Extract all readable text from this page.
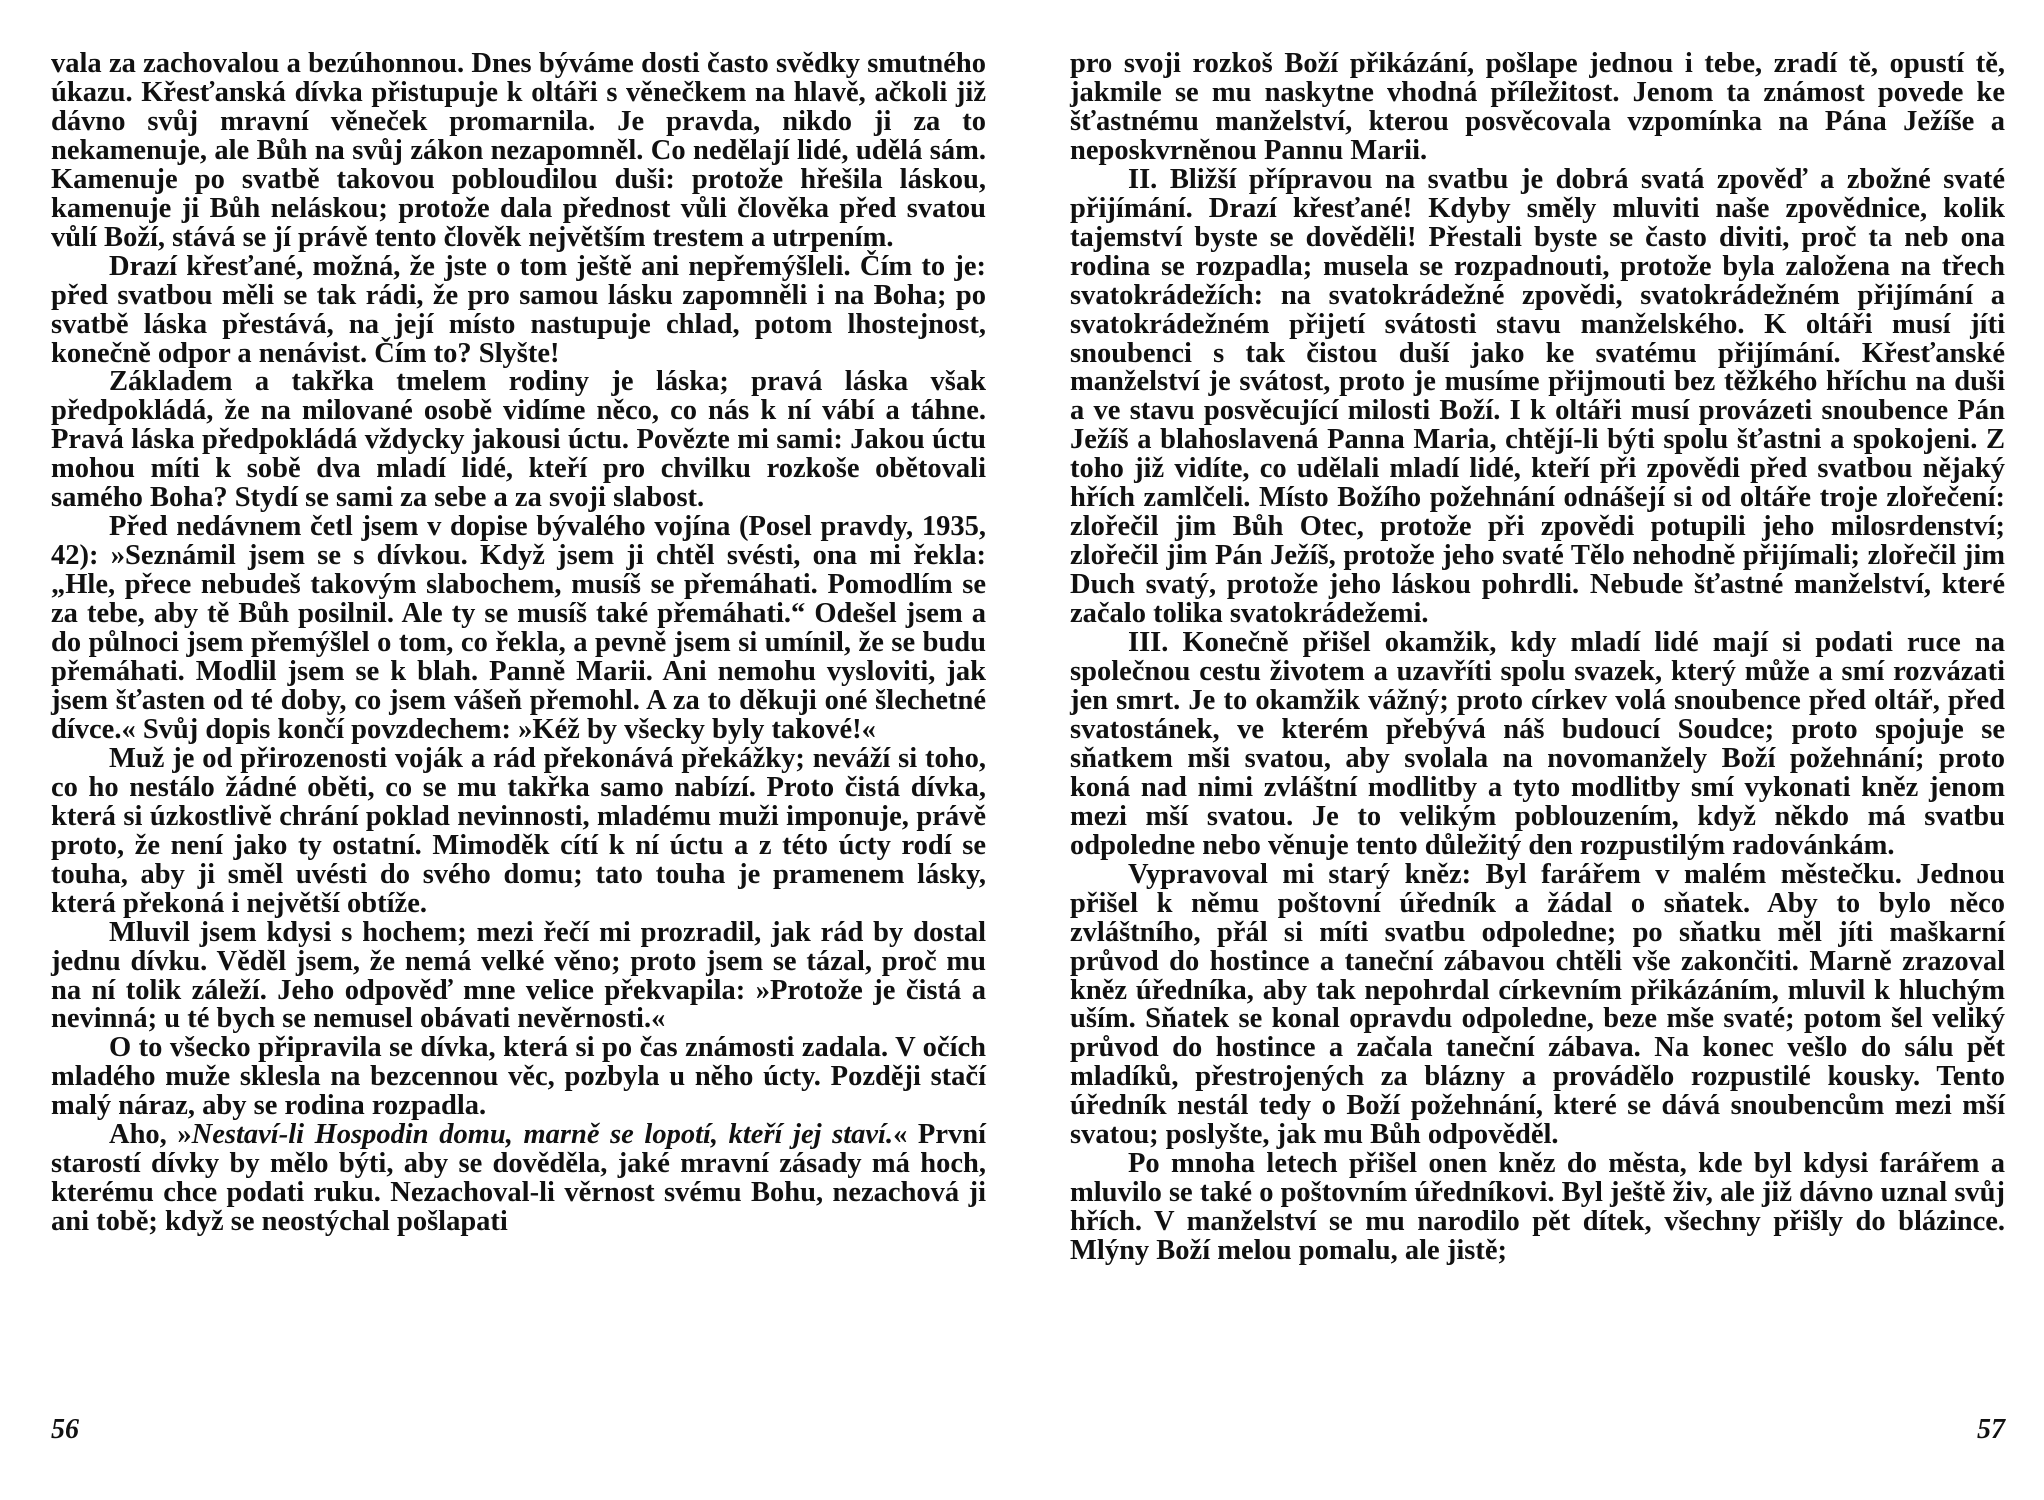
vala za zachovalou a bezúhonnou. Dnes býváme dosti často svědky smutného úkazu. Křesťanská dívka přistupuje k oltáři s věnečkem na hlavě, ačkoli již dávno svůj mravní věneček promarnila. Je pravda, nikdo ji za to nekamenuje, ale Bůh na svůj zákon nezapomněl. Co nedělají lidé, udělá sám. Kamenuje po svatbě takovou pobloudilou duši: protože hřešila láskou, kamenuje ji Bůh neláskou; protože dala přednost vůli člověka před svatou vůlí Boží, stává se jí právě tento člověk největším trestem a utrpením.

Drazí křesťané, možná, že jste o tom ještě ani nepřemýšleli. Čím to je: před svatbou měli se tak rádi, že pro samou lásku zapomněli i na Boha; po svatbě láska přestává, na její místo nastupuje chlad, potom lhostejnost, konečně odpor a nenávist. Čím to? Slyšte!

Základem a takřka tmelem rodiny je láska; pravá láska však předpokládá, že na milované osobě vidíme něco, co nás k ní vábí a táhne. Pravá láska předpokládá vždycky jakousi úctu. Povězte mi sami: Jakou úctu mohou míti k sobě dva mladí lidé, kteří pro chvilku rozkoše obětovali samého Boha? Stydí se sami za sebe a za svoji slabost.

Před nedávnem četl jsem v dopise bývalého vojína (Posel pravdy, 1935, 42): »Seznámil jsem se s dívkou. Když jsem ji chtěl svésti, ona mi řekla: „Hle, přece nebudeš takovým slabochem, musíš se přemáhati. Pomodlím se za tebe, aby tě Bůh posilnil. Ale ty se musíš také přemáhati.“ Odešel jsem a do půlnoci jsem přemýšlel o tom, co řekla, a pevně jsem si umínil, že se budu přemáhati. Modlil jsem se k blah. Panně Marii. Ani nemohu vysloviti, jak jsem šťasten od té doby, co jsem vášeň přemohl. A za to děkuji oné šlechetné dívce.« Svůj dopis končí povzdechem: »Kéž by všecky byly takové!«

Muž je od přirozenosti voják a rád překonává překážky; neváží si toho, co ho nestálo žádné oběti, co se mu takřka samo nabízí. Proto čistá dívka, která si úzkostlivě chrání poklad nevinnosti, mladému muži imponuje, právě proto, že není jako ty ostatní. Mimoděk cítí k ní úctu a z této úcty rodí se touha, aby ji směl uvésti do svého domu; tato touha je pramenem lásky, která překoná i největší obtíže.

Mluvil jsem kdysi s hochem; mezi řečí mi prozradil, jak rád by dostal jednu dívku. Věděl jsem, že nemá velké věno; proto jsem se tázal, proč mu na ní tolik záleží. Jeho odpověď mne velice překvapila: »Protože je čistá a nevinná; u té bych se nemusel obávati nevěrnosti.«

O to všecko připravila se dívka, která si po čas známosti zadala. V očích mladého muže sklesla na bezcennou věc, pozbyla u něho úcty. Později stačí malý náraz, aby se rodina rozpadla.

Aho, »Nestaví-li Hospodin domu, marně se lopotí, kteří jej staví.« První starostí dívky by mělo býti, aby se dověděla, jaké mravní zásady má hoch, kterému chce podati ruku. Nezachoval-li věrnost svému Bohu, nezachová ji ani tobě; když se neostýchal pošlapati

56

pro svoji rozkoš Boží přikázání, pošlape jednou i tebe, zradí tě, opustí tě, jakmile se mu naskytne vhodná příležitost. Jenom ta známost povede ke šťastnému manželství, kterou posvěcovala vzpomínka na Pána Ježíše a neposkvrněnou Pannu Marii.

II. Bližší přípravou na svatbu je dobrá svatá zpověď a zbožné svaté přijímání. Drazí křesťané! Kdyby směly mluviti naše zpovědnice, kolik tajemství byste se dověděli! Přestali byste se často diviti, proč ta neb ona rodina se rozpadla; musela se rozpadnouti, protože byla založena na třech svatokrádežích: na svatokrádežné zpovědi, svatokrádežném přijímání a svatokrádežném přijetí svátosti stavu manželského. K oltáři musí jíti snoubenci s tak čistou duší jako ke svatému přijímání. Křesťanské manželství je svátost, proto je musíme přijmouti bez těžkého hříchu na duši a ve stavu posvěcující milosti Boží. I k oltáři musí provázeti snoubence Pán Ježíš a blahoslavená Panna Maria, chtějí-li býti spolu šťastni a spokojeni. Z toho již vidíte, co udělali mladí lidé, kteří při zpovědi před svatbou nějaký hřích zamlčeli. Místo Božího požehnání odnášejí si od oltáře troje zlořečení: zlořečil jim Bůh Otec, protože při zpovědi potupili jeho milosrdenství; zlořečil jim Pán Ježíš, protože jeho svaté Tělo nehodně přijímali; zlořečil jim Duch svatý, protože jeho láskou pohrdli. Nebude šťastné manželství, které začalo tolika svatokrádežemi.

III. Konečně přišel okamžik, kdy mladí lidé mají si podati ruce na společnou cestu životem a uzavříti spolu svazek, který může a smí rozvázati jen smrt. Je to okamžik vážný; proto církev volá snoubence před oltář, před svatostánek, ve kterém přebývá náš budoucí Soudce; proto spojuje se sňatkem mši svatou, aby svolala na novomanžely Boží požehnání; proto koná nad nimi zvláštní modlitby a tyto modlitby smí vykonati kněz jenom mezi mší svatou. Je to velikým poblouzením, když někdo má svatbu odpoledne nebo věnuje tento důležitý den rozpustilým radovánkám.

Vypravoval mi starý kněz: Byl farářem v malém městečku. Jednou přišel k němu poštovní úředník a žádal o sňatek. Aby to bylo něco zvláštního, přál si míti svatbu odpoledne; po sňatku měl jíti maškarní průvod do hostince a taneční zábavou chtěli vše zakončiti. Marně zrazoval kněz úředníka, aby tak nepohrdal církevním přikázáním, mluvil k hluchým uším. Sňatek se konal opravdu odpoledne, beze mše svaté; potom šel veliký průvod do hostince a začala taneční zábava. Na konec vešlo do sálu pět mladíků, přestrojených za blázny a provádělo rozpustilé kousky. Tento úředník nestál tedy o Boží požehnání, které se dává snoubencům mezi mší svatou; poslyšte, jak mu Bůh odpověděl.

Po mnoha letech přišel onen kněz do města, kde byl kdysi farářem a mluvilo se také o poštovním úředníkovi. Byl ještě živ, ale již dávno uznal svůj hřích. V manželství se mu narodilo pět dítek, všechny přišly do blázince. Mlýny Boží melou pomalu, ale jistě;

57
